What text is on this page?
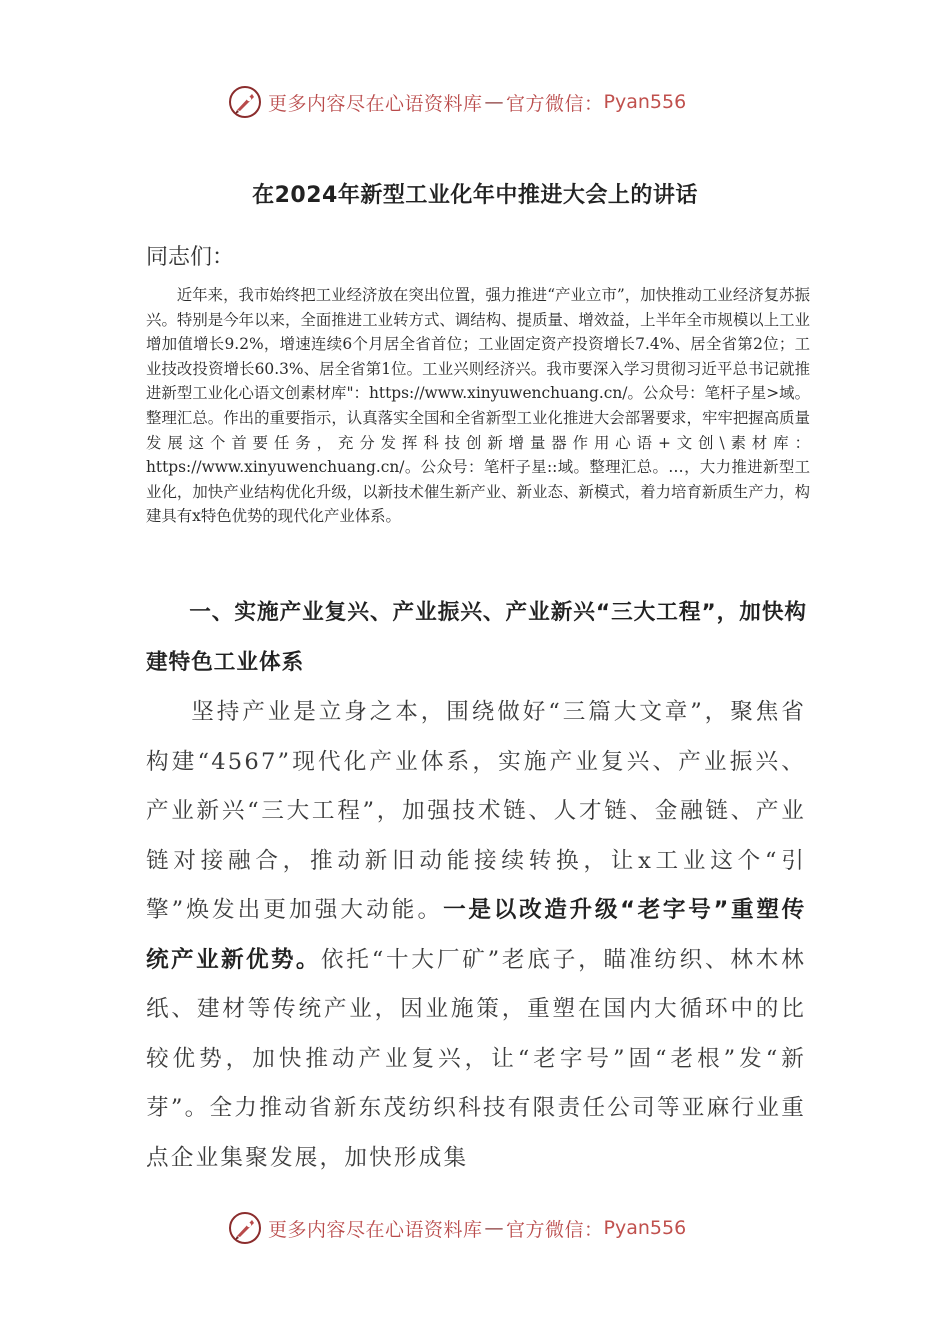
更多内容尽在心语资料库 — 官方微信： Pyan556
在2024年新型工业化年中推进大会上的讲话
同志们：

近年来，我市始终把工业经济放在突出位置，强力推进“产业立市”，加快推动工业经济复苏振兴。特别是今年以来，全面推进工业转方式、调结构、提质量、增效益，上半年全市规模以上工业增加值增长9.2%，增速连续6个月居全省首位；工业固定资产投资增长7.4%、居全省第2位；工业技改投资增长60.3%、居全省第1位。工业兴则经济兴。我市要深入学习贯彻习近平总书记就推进新型工业化心语文创素材库"：https://www.xinyuwenchuang.cn/。公众号：笔杆子星>域。整理汇总。作出的重要指示，认真落实全国和全省新型工业化推进大会部署要求，牢牢把握高质量发展这个首要任务，充分发挥科技创新增量器作用心语+文创\素材库：https://www.xinyuwenchuang.cn/。公众号：笔杆子星::域。整理汇总。…，大力推进新型工业化，加快产业结构优化升级，以新技术催生新产业、新业态、新模式，着力培育新质生产力，构建具有x特色优势的现代化产业体系。

一、实施产业复兴、产业振兴、产业新兴“三大工程”，加快构建特色工业体系

坚持产业是立身之本，围绕做好“三篇大文章”，聚焦省构建“4567”现代化产业体系，实施产业复兴、产业振兴、产业新兴“三大工程”，加强技术链、人才链、金融链、产业链对接融合，推动新旧动能接续转换，让x工业这个“引擎”焕发出更加强大动能。一是以改造升级“老字号”重塑传统产业新优势。依托“十大厂矿”老底子，瞄准纺织、林木林纸、建材等传统产业，因业施策，重塑在国内大循环中的比较优势，加快推动产业复兴，让“老字号”固“老根”发“新芽”。全力推动省新东茂纺织科技有限责任公司等亚麻行业重点企业集聚发展，加快形成集

更多内容尽在心语资料库 — 官方微信： Pyan556
